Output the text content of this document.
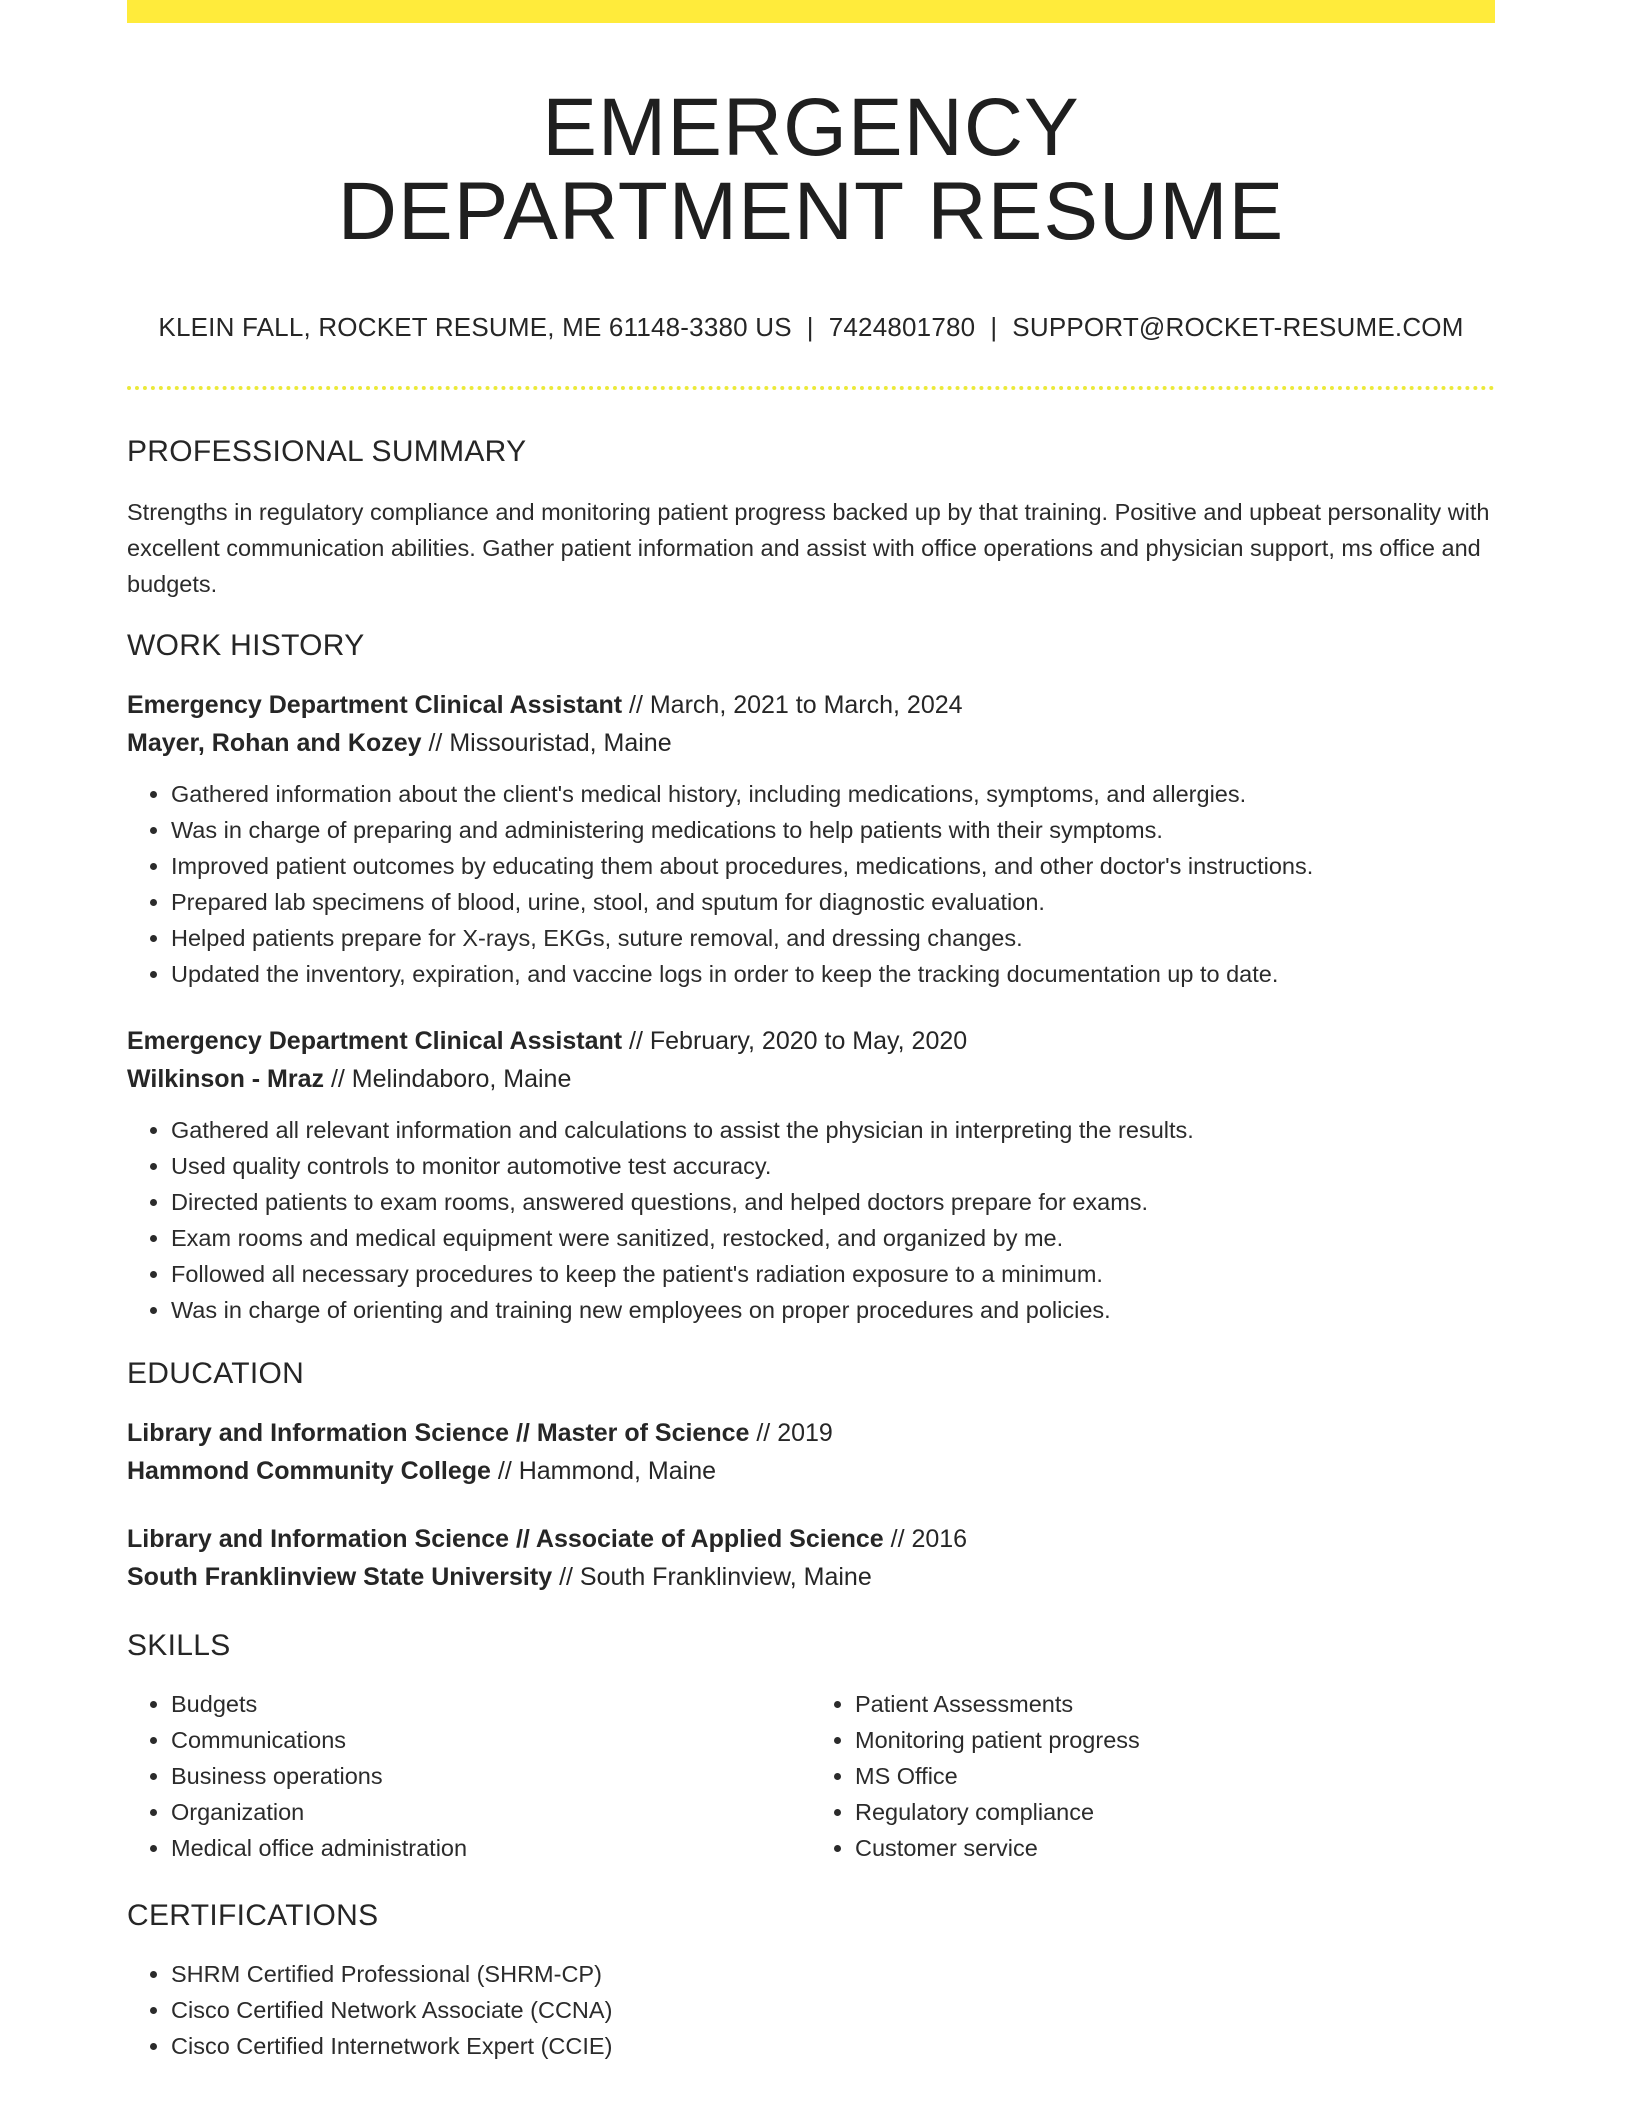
EMERGENCY
DEPARTMENT RESUME
KLEIN FALL, ROCKET RESUME, ME 61148-3380 US | 7424801780 | SUPPORT@ROCKET-RESUME.COM
PROFESSIONAL SUMMARY
Strengths in regulatory compliance and monitoring patient progress backed up by that training. Positive and upbeat personality with excellent communication abilities. Gather patient information and assist with office operations and physician support, ms office and budgets.
WORK HISTORY
Emergency Department Clinical Assistant // March, 2021 to March, 2024
Mayer, Rohan and Kozey // Missouristad, Maine
• Gathered information about the client's medical history, including medications, symptoms, and allergies.
• Was in charge of preparing and administering medications to help patients with their symptoms.
• Improved patient outcomes by educating them about procedures, medications, and other doctor's instructions.
• Prepared lab specimens of blood, urine, stool, and sputum for diagnostic evaluation.
• Helped patients prepare for X-rays, EKGs, suture removal, and dressing changes.
• Updated the inventory, expiration, and vaccine logs in order to keep the tracking documentation up to date.
Emergency Department Clinical Assistant // February, 2020 to May, 2020
Wilkinson - Mraz // Melindaboro, Maine
• Gathered all relevant information and calculations to assist the physician in interpreting the results.
• Used quality controls to monitor automotive test accuracy.
• Directed patients to exam rooms, answered questions, and helped doctors prepare for exams.
• Exam rooms and medical equipment were sanitized, restocked, and organized by me.
• Followed all necessary procedures to keep the patient's radiation exposure to a minimum.
• Was in charge of orienting and training new employees on proper procedures and policies.
EDUCATION
Library and Information Science // Master of Science // 2019
Hammond Community College // Hammond, Maine
Library and Information Science // Associate of Applied Science // 2016
South Franklinview State University // South Franklinview, Maine
SKILLS
• Budgets
• Communications
• Business operations
• Organization
• Medical office administration
• Patient Assessments
• Monitoring patient progress
• MS Office
• Regulatory compliance
• Customer service
CERTIFICATIONS
• SHRM Certified Professional (SHRM-CP)
• Cisco Certified Network Associate (CCNA)
• Cisco Certified Internetwork Expert (CCIE)
